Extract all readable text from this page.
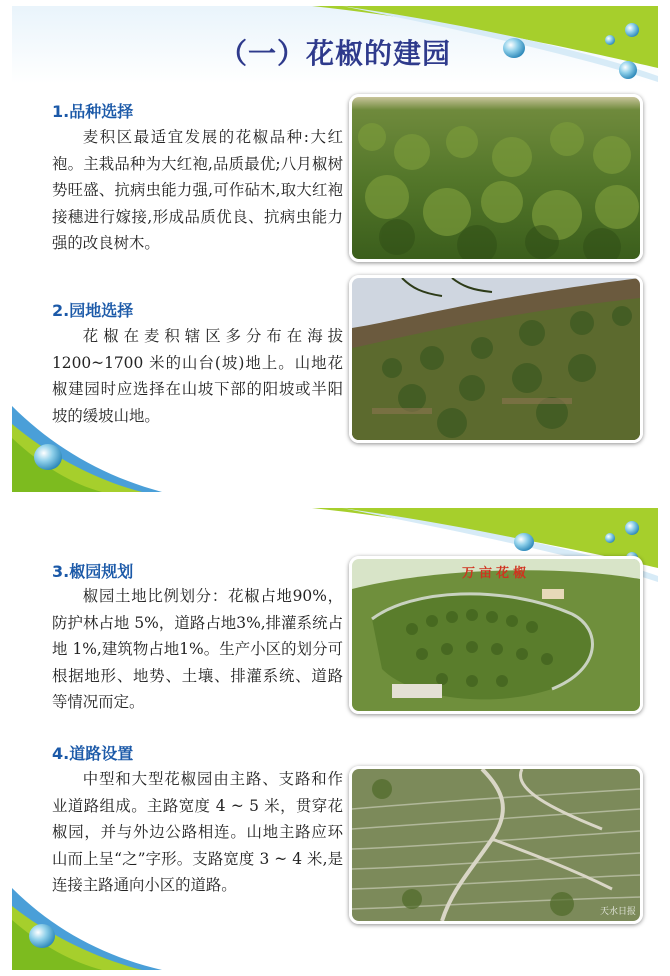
（一）花椒的建园
1.品种选择
麦积区最适宜发展的花椒品种:大红袍。主栽品种为大红袍,品质最优;八月椒树势旺盛、抗病虫能力强,可作砧木,取大红袍接穗进行嫁接,形成品质优良、抗病虫能力强的改良树木。
2.园地选择
花椒在麦积辖区多分布在海拔 1200~1700 米的山台(坡)地上。山地花椒建园时应选择在山坡下部的阳坡或半阳坡的缓坡山地。
3.椒园规划
椒园土地比例划分：花椒占地90%，防护林占地 5%，道路占地3%,排灌系统占地 1%,建筑物占地1%。生产小区的划分可根据地形、地势、土壤、排灌系统、道路等情况而定。
4.道路设置
中型和大型花椒园由主路、支路和作业道路组成。主路宽度 4 ~ 5 米，贯穿花椒园，并与外边公路相连。山地主路应环山而上呈“之”字形。支路宽度 3 ~ 4 米,是连接主路通向小区的道路。
万亩花椒
天水日报
